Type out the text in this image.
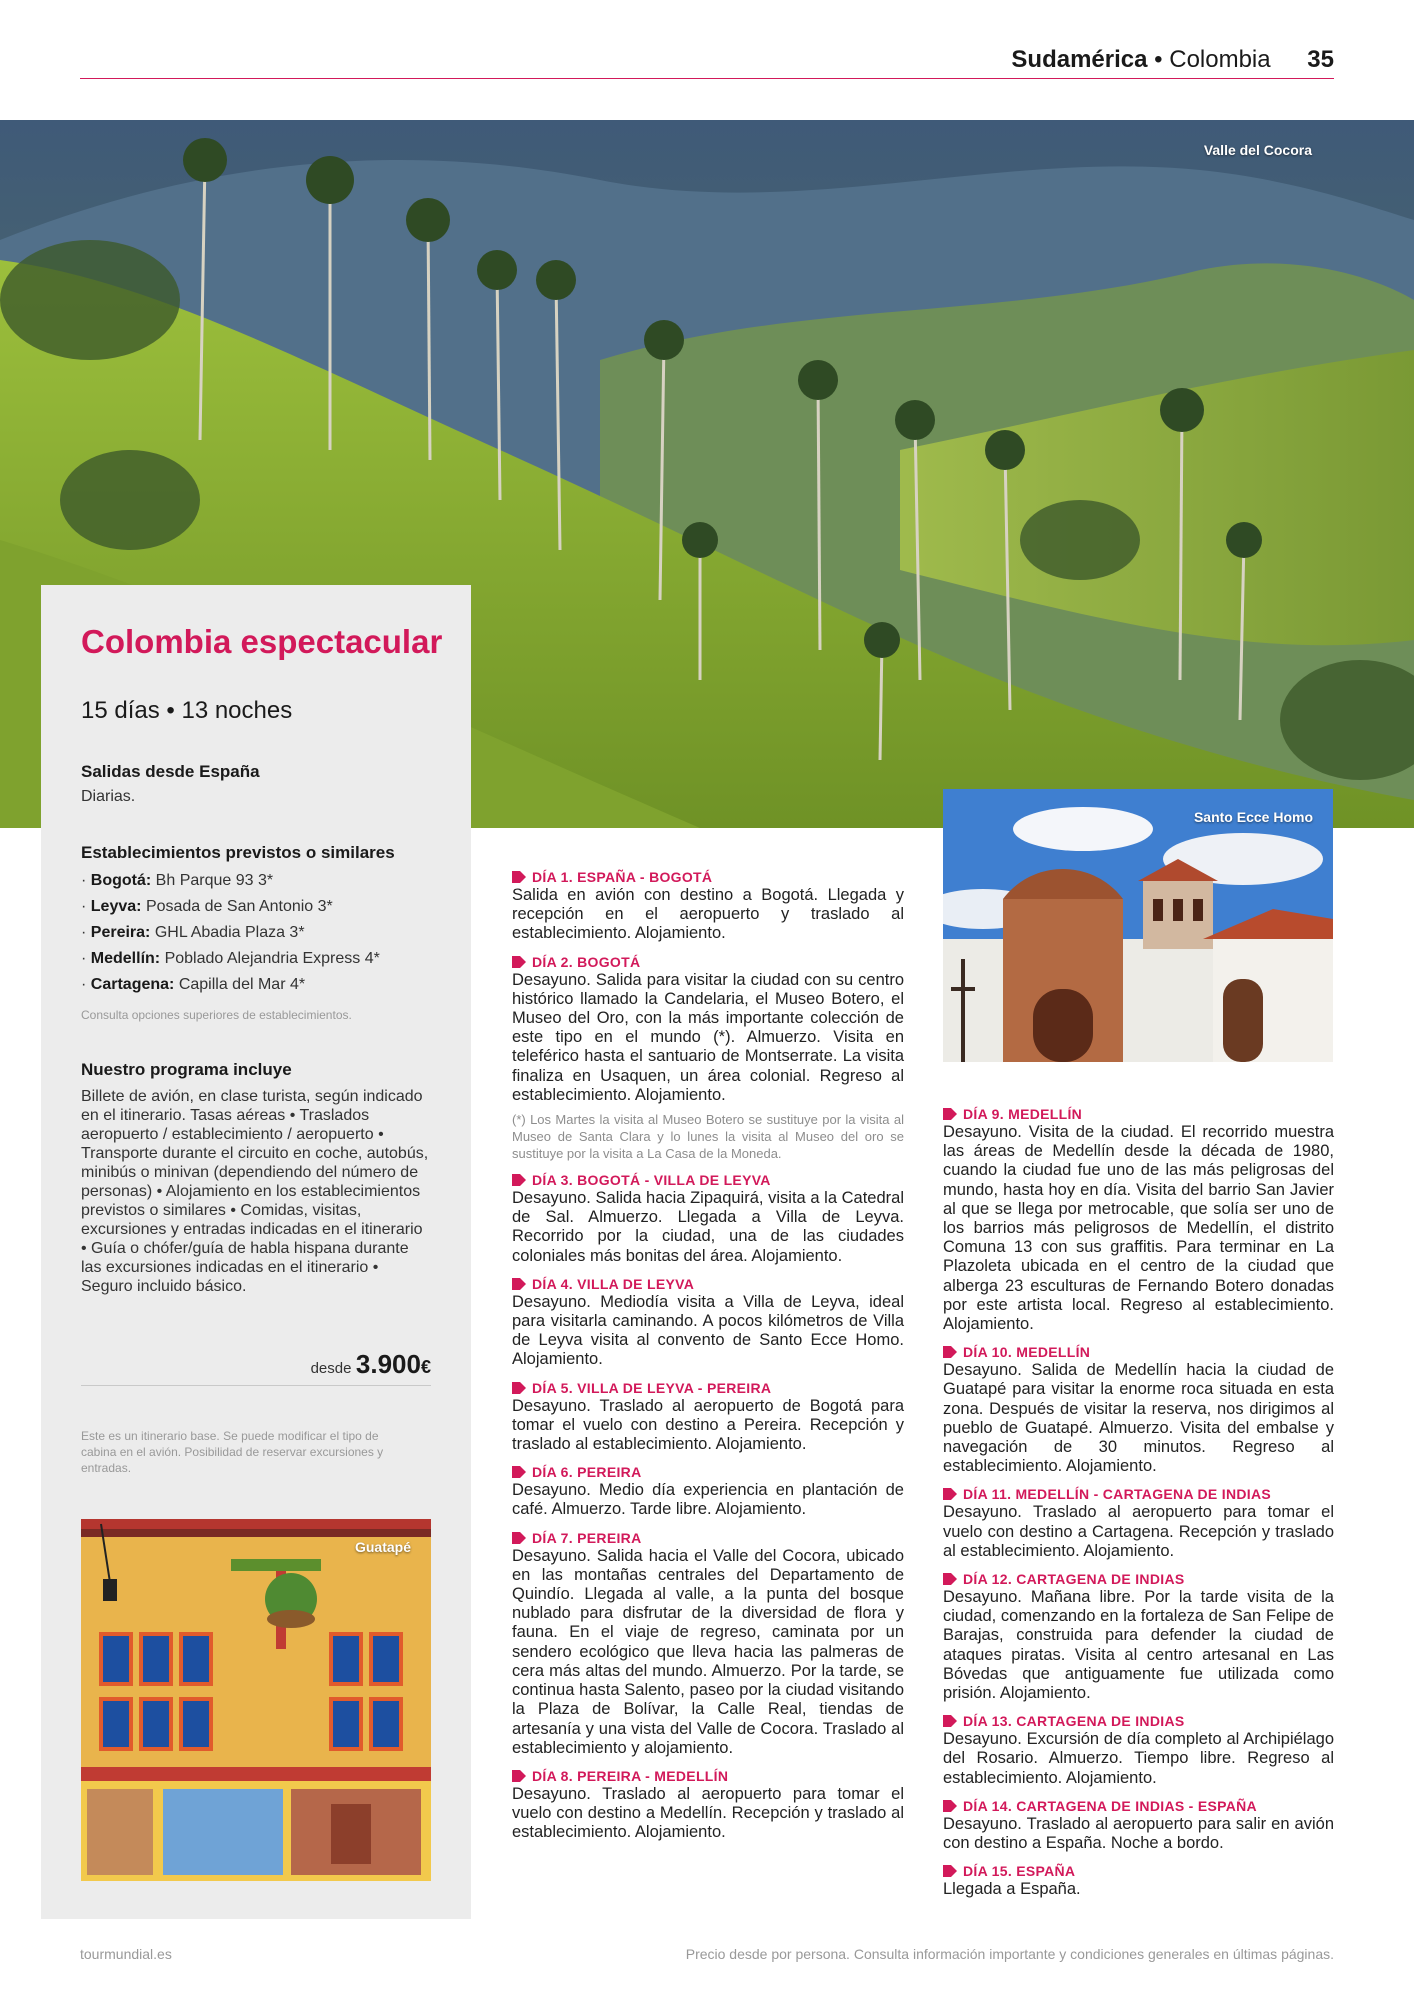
Sudamérica • Colombia 35
Valle del Cocora
Colombia espectacular
15 días • 13 noches
Salidas desde España
Diarias.
Establecimientos previstos o similares
· Bogotá: Bh Parque 93 3*
· Leyva: Posada de San Antonio 3*
· Pereira: GHL Abadia Plaza 3*
· Medellín: Poblado Alejandria Express 4*
· Cartagena: Capilla del Mar 4*
Consulta opciones superiores de establecimientos.
Nuestro programa incluye
Billete de avión, en clase turista, según indicado en el itinerario. Tasas aéreas • Traslados aeropuerto / establecimiento / aeropuerto • Transporte durante el circuito en coche, autobús, minibús o minivan (dependiendo del número de personas) • Alojamiento en los establecimientos previstos o similares • Comidas, visitas, excursiones y entradas indicadas en el itinerario • Guía o chófer/guía de habla hispana durante las excursiones indicadas en el itinerario • Seguro incluido básico.
desde 3.900€
Este es un itinerario base. Se puede modificar el tipo de cabina en el avión. Posibilidad de reservar excursiones y entradas.
Guatapé
DÍA 1. ESPAÑA - BOGOTÁ
Salida en avión con destino a Bogotá. Llegada y recepción en el aeropuerto y traslado al establecimiento. Alojamiento.
DÍA 2. BOGOTÁ
Desayuno. Salida para visitar la ciudad con su centro histórico llamado la Candelaria, el Museo Botero, el Museo del Oro, con la más importante colección de este tipo en el mundo (*). Almuerzo. Visita en teleférico hasta el santuario de Montserrate. La visita finaliza en Usaquen, un área colonial. Regreso al establecimiento. Alojamiento.
(*) Los Martes la visita al Museo Botero se sustituye por la visita al Museo de Santa Clara y lo lunes la visita al Museo del oro se sustituye por la visita a La Casa de la Moneda.
DÍA 3. BOGOTÁ - VILLA DE LEYVA
Desayuno. Salida hacia Zipaquirá, visita a la Catedral de Sal. Almuerzo. Llegada a Villa de Leyva. Recorrido por la ciudad, una de las ciudades coloniales más bonitas del área. Alojamiento.
DÍA 4. VILLA DE LEYVA
Desayuno. Mediodía visita a Villa de Leyva, ideal para visitarla caminando. A pocos kilómetros de Villa de Leyva visita al convento de Santo Ecce Homo. Alojamiento.
DÍA 5. VILLA DE LEYVA - PEREIRA
Desayuno. Traslado al aeropuerto de Bogotá para tomar el vuelo con destino a Pereira. Recepción y traslado al establecimiento. Alojamiento.
DÍA 6. PEREIRA
Desayuno. Medio día experiencia en plantación de café. Almuerzo. Tarde libre. Alojamiento.
DÍA 7. PEREIRA
Desayuno. Salida hacia el Valle del Cocora, ubicado en las montañas centrales del Departamento de Quindío. Llegada al valle, a la punta del bosque nublado para disfrutar de la diversidad de flora y fauna. En el viaje de regreso, caminata por un sendero ecológico que lleva hacia las palmeras de cera más altas del mundo. Almuerzo. Por la tarde, se continua hasta Salento, paseo por la ciudad visitando la Plaza de Bolívar, la Calle Real, tiendas de artesanía y una vista del Valle de Cocora. Traslado al establecimiento y alojamiento.
DÍA 8. PEREIRA - MEDELLÍN
Desayuno. Traslado al aeropuerto para tomar el vuelo con destino a Medellín. Recepción y traslado al establecimiento. Alojamiento.
Santo Ecce Homo
DÍA 9. MEDELLÍN
Desayuno. Visita de la ciudad. El recorrido muestra las áreas de Medellín desde la década de 1980, cuando la ciudad fue uno de las más peligrosas del mundo, hasta hoy en día. Visita del barrio San Javier al que se llega por metrocable, que solía ser uno de los barrios más peligrosos de Medellín, el distrito Comuna 13 con sus graffitis. Para terminar en La Plazoleta ubicada en el centro de la ciudad que alberga 23 esculturas de Fernando Botero donadas por este artista local. Regreso al establecimiento. Alojamiento.
DÍA 10. MEDELLÍN
Desayuno. Salida de Medellín hacia la ciudad de Guatapé para visitar la enorme roca situada en esta zona. Después de visitar la reserva, nos dirigimos al pueblo de Guatapé. Almuerzo. Visita del embalse y navegación de 30 minutos. Regreso al establecimiento. Alojamiento.
DÍA 11. MEDELLÍN - CARTAGENA DE INDIAS
Desayuno. Traslado al aeropuerto para tomar el vuelo con destino a Cartagena. Recepción y traslado al establecimiento. Alojamiento.
DÍA 12. CARTAGENA DE INDIAS
Desayuno. Mañana libre. Por la tarde visita de la ciudad, comenzando en la fortaleza de San Felipe de Barajas, construida para defender la ciudad de ataques piratas. Visita al centro artesanal en Las Bóvedas que antiguamente fue utilizada como prisión. Alojamiento.
DÍA 13. CARTAGENA DE INDIAS
Desayuno. Excursión de día completo al Archipiélago del Rosario. Almuerzo. Tiempo libre. Regreso al establecimiento. Alojamiento.
DÍA 14. CARTAGENA DE INDIAS - ESPAÑA
Desayuno. Traslado al aeropuerto para salir en avión con destino a España. Noche a bordo.
DÍA 15. ESPAÑA
Llegada a España.
tourmundial.es	Precio desde por persona. Consulta información importante y condiciones generales en últimas páginas.
